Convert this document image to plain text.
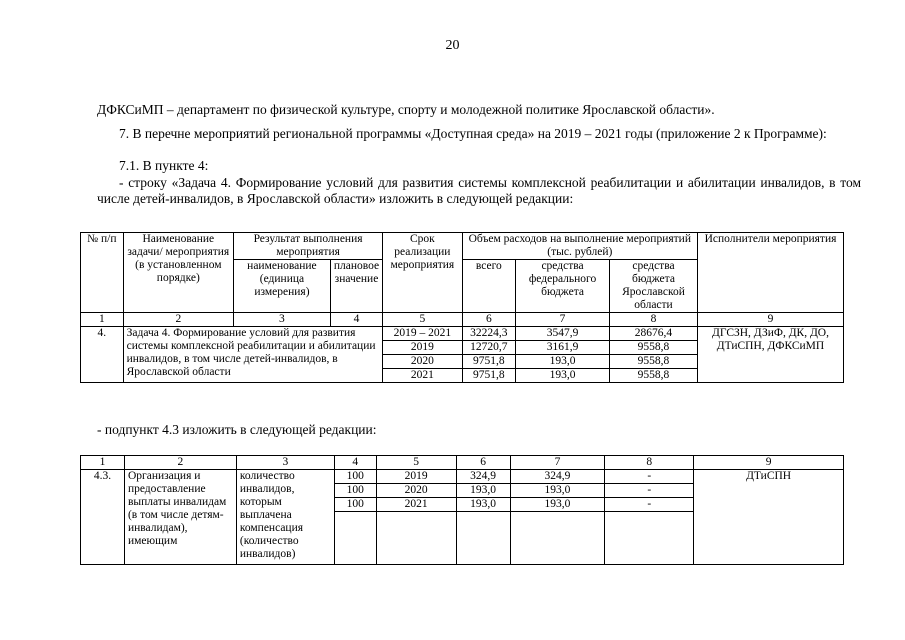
20
ДФКСиМП – департамент по физической культуре, спорту и молодежной политике Ярославской области».
7. В перечне мероприятий региональной программы «Доступная среда» на 2019 – 2021 годы (приложение 2 к Программе):
7.1. В пункте 4:
- строку «Задача 4. Формирование условий для развития системы комплексной реабилитации и абилитации инвалидов, в том числе детей-инвалидов, в Ярославской области» изложить в следующей редакции:
№ п/п	Наименование задачи/ мероприятия (в установленном порядке)	Результат выполнения мероприятия		Срок реализации мероприятия	Объем расходов на выполнение мероприятий (тыс. рублей)			Исполнители мероприятия
		наименование (единица измерения)	плановое значение		всего	средства федерального бюджета	средства бюджета Ярославской области	
1	2	3	4	5	6	7	8	9
4.	Задача 4. Формирование условий для развития системы комплексной реабилитации и абилитации инвалидов, в том числе детей-инвалидов, в Ярославской области			2019 – 2021	32224,3	3547,9	28676,4	ДГСЗН, ДЗиФ, ДК, ДО, ДТиСПН, ДФКСиМП
				2019	12720,7	3161,9	9558,8	
				2020	9751,8	193,0	9558,8	
				2021	9751,8	193,0	9558,8	
- подпункт 4.3 изложить в следующей редакции:
1	2	3	4	5	6	7	8	9
4.3.	Организация и предоставление выплаты инвалидам (в том числе детям-инвалидам), имеющим	количество инвалидов, которым выплачена компенсация (количество инвалидов)	100	2019	324,9	324,9	-	ДТиСПН
			100	2020	193,0	193,0	-	
			100	2021	193,0	193,0	-	
